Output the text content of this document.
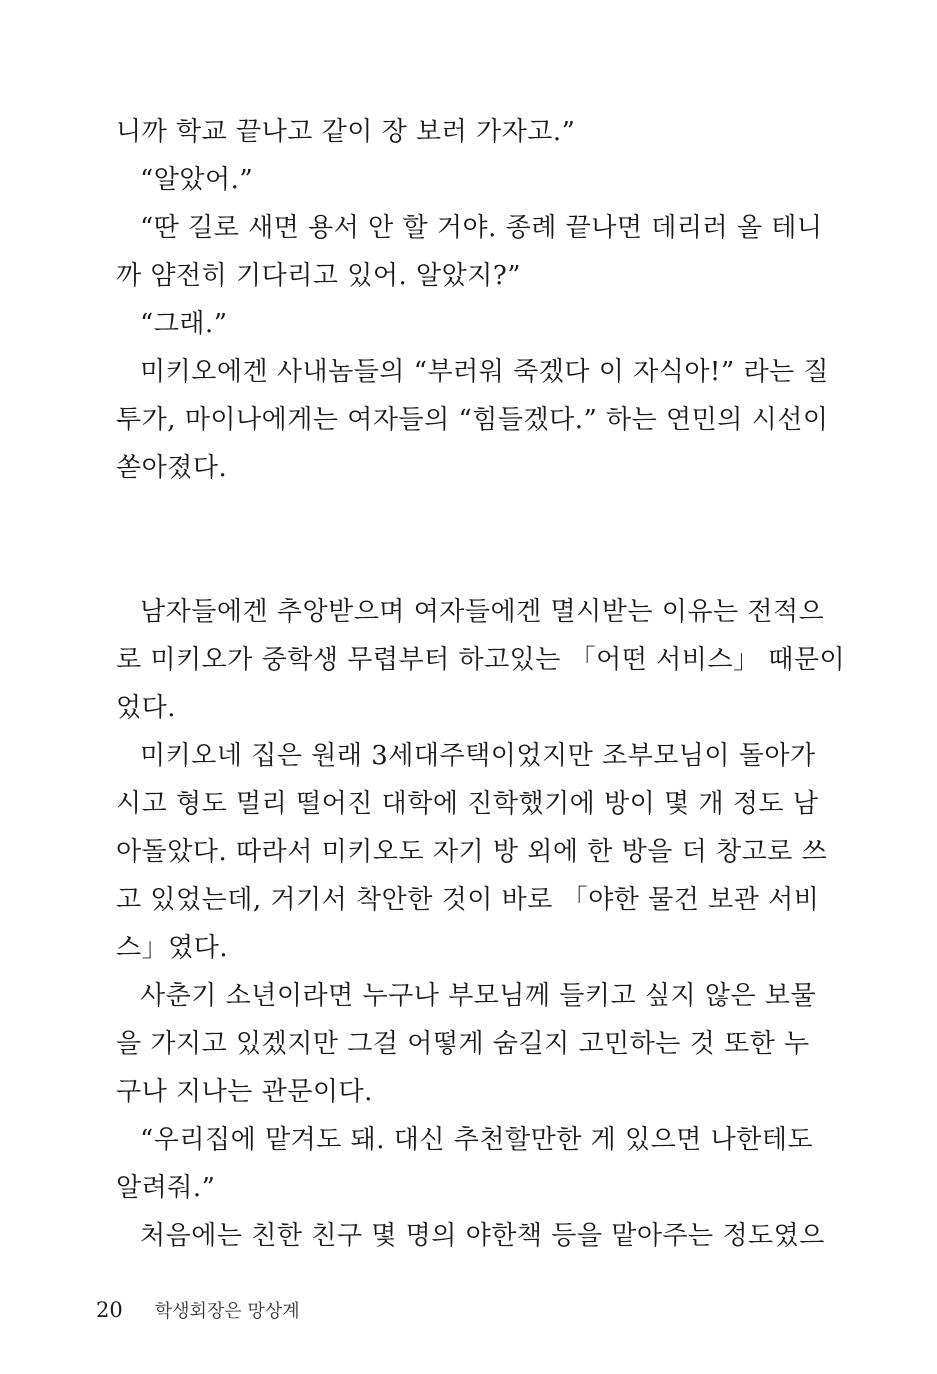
니까 학교 끝나고 같이 장 보러 가자고.”
“알았어.”
“딴 길로 새면 용서 안 할 거야. 종례 끝나면 데리러 올 테니
까 얌전히 기다리고 있어. 알았지?”
“그래.”
미키오에겐 사내놈들의 “부러워 죽겠다 이 자식아!” 라는 질
투가, 마이나에게는 여자들의 “힘들겠다.” 하는 연민의 시선이
쏟아졌다.
남자들에겐 추앙받으며 여자들에겐 멸시받는 이유는 전적으
로 미키오가 중학생 무렵부터 하고있는 「어떤 서비스」 때문이
었다.
미키오네 집은 원래 3세대주택이었지만 조부모님이 돌아가
시고 형도 멀리 떨어진 대학에 진학했기에 방이 몇 개 정도 남
아돌았다. 따라서 미키오도 자기 방 외에 한 방을 더 창고로 쓰
고 있었는데, 거기서 착안한 것이 바로 「야한 물건 보관 서비
스」였다.
사춘기 소년이라면 누구나 부모님께 들키고 싶지 않은 보물
을 가지고 있겠지만 그걸 어떻게 숨길지 고민하는 것 또한 누
구나 지나는 관문이다.
“우리집에 맡겨도 돼. 대신 추천할만한 게 있으면 나한테도
알려줘.”
처음에는 친한 친구 몇 명의 야한책 등을 맡아주는 정도였으
20 학생회장은 망상계
